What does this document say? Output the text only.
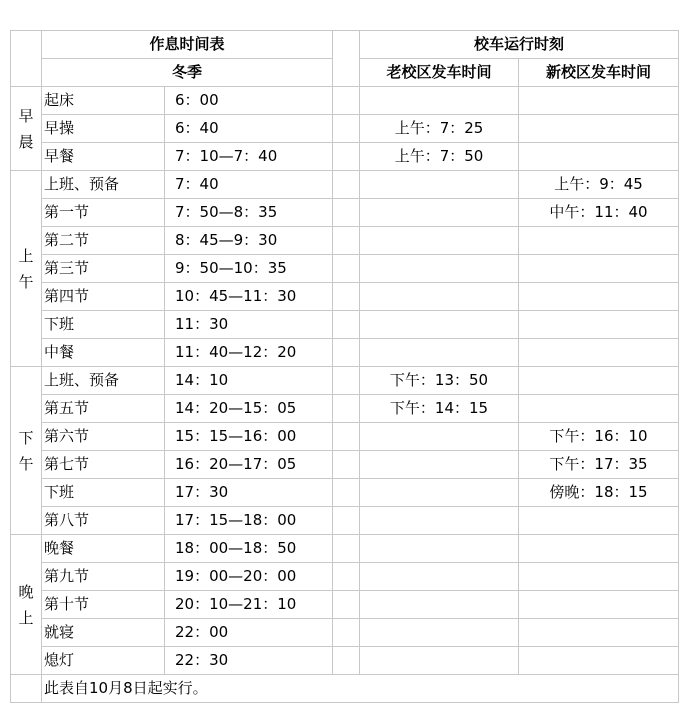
	作息时间表			校车运行时刻	
	冬季			老校区发车时间	新校区发车时间

早
晨	起床	6：00			
	早操	6：40		上午：7：25	
	早餐	7：10—7：40		上午：7：50	

上
午	上班、预备	7：40			上午：9：45
	第一节	7：50—8：35			中午：11：40
	第二节	8：45—9：30			
	第三节	9：50—10：35			
	第四节	10：45—11：30			
	下班	11：30			
	中餐	11：40—12：20			

下
午	上班、预备	14：10		下午：13：50	
	第五节	14：20—15：05		下午：14：15	
	第六节	15：15—16：00			下午：16：10
	第七节	16：20—17：05			下午：17：35
	下班	17：30			傍晚：18：15
	第八节	17：15—18：00			

晚
上	晚餐	18：00—18：50			
	第九节	19：00—20：00			
	第十节	20：10—21：10			
	就寝	22：00			
	熄灯	22：30			
	此表自10月8日起实行。				
